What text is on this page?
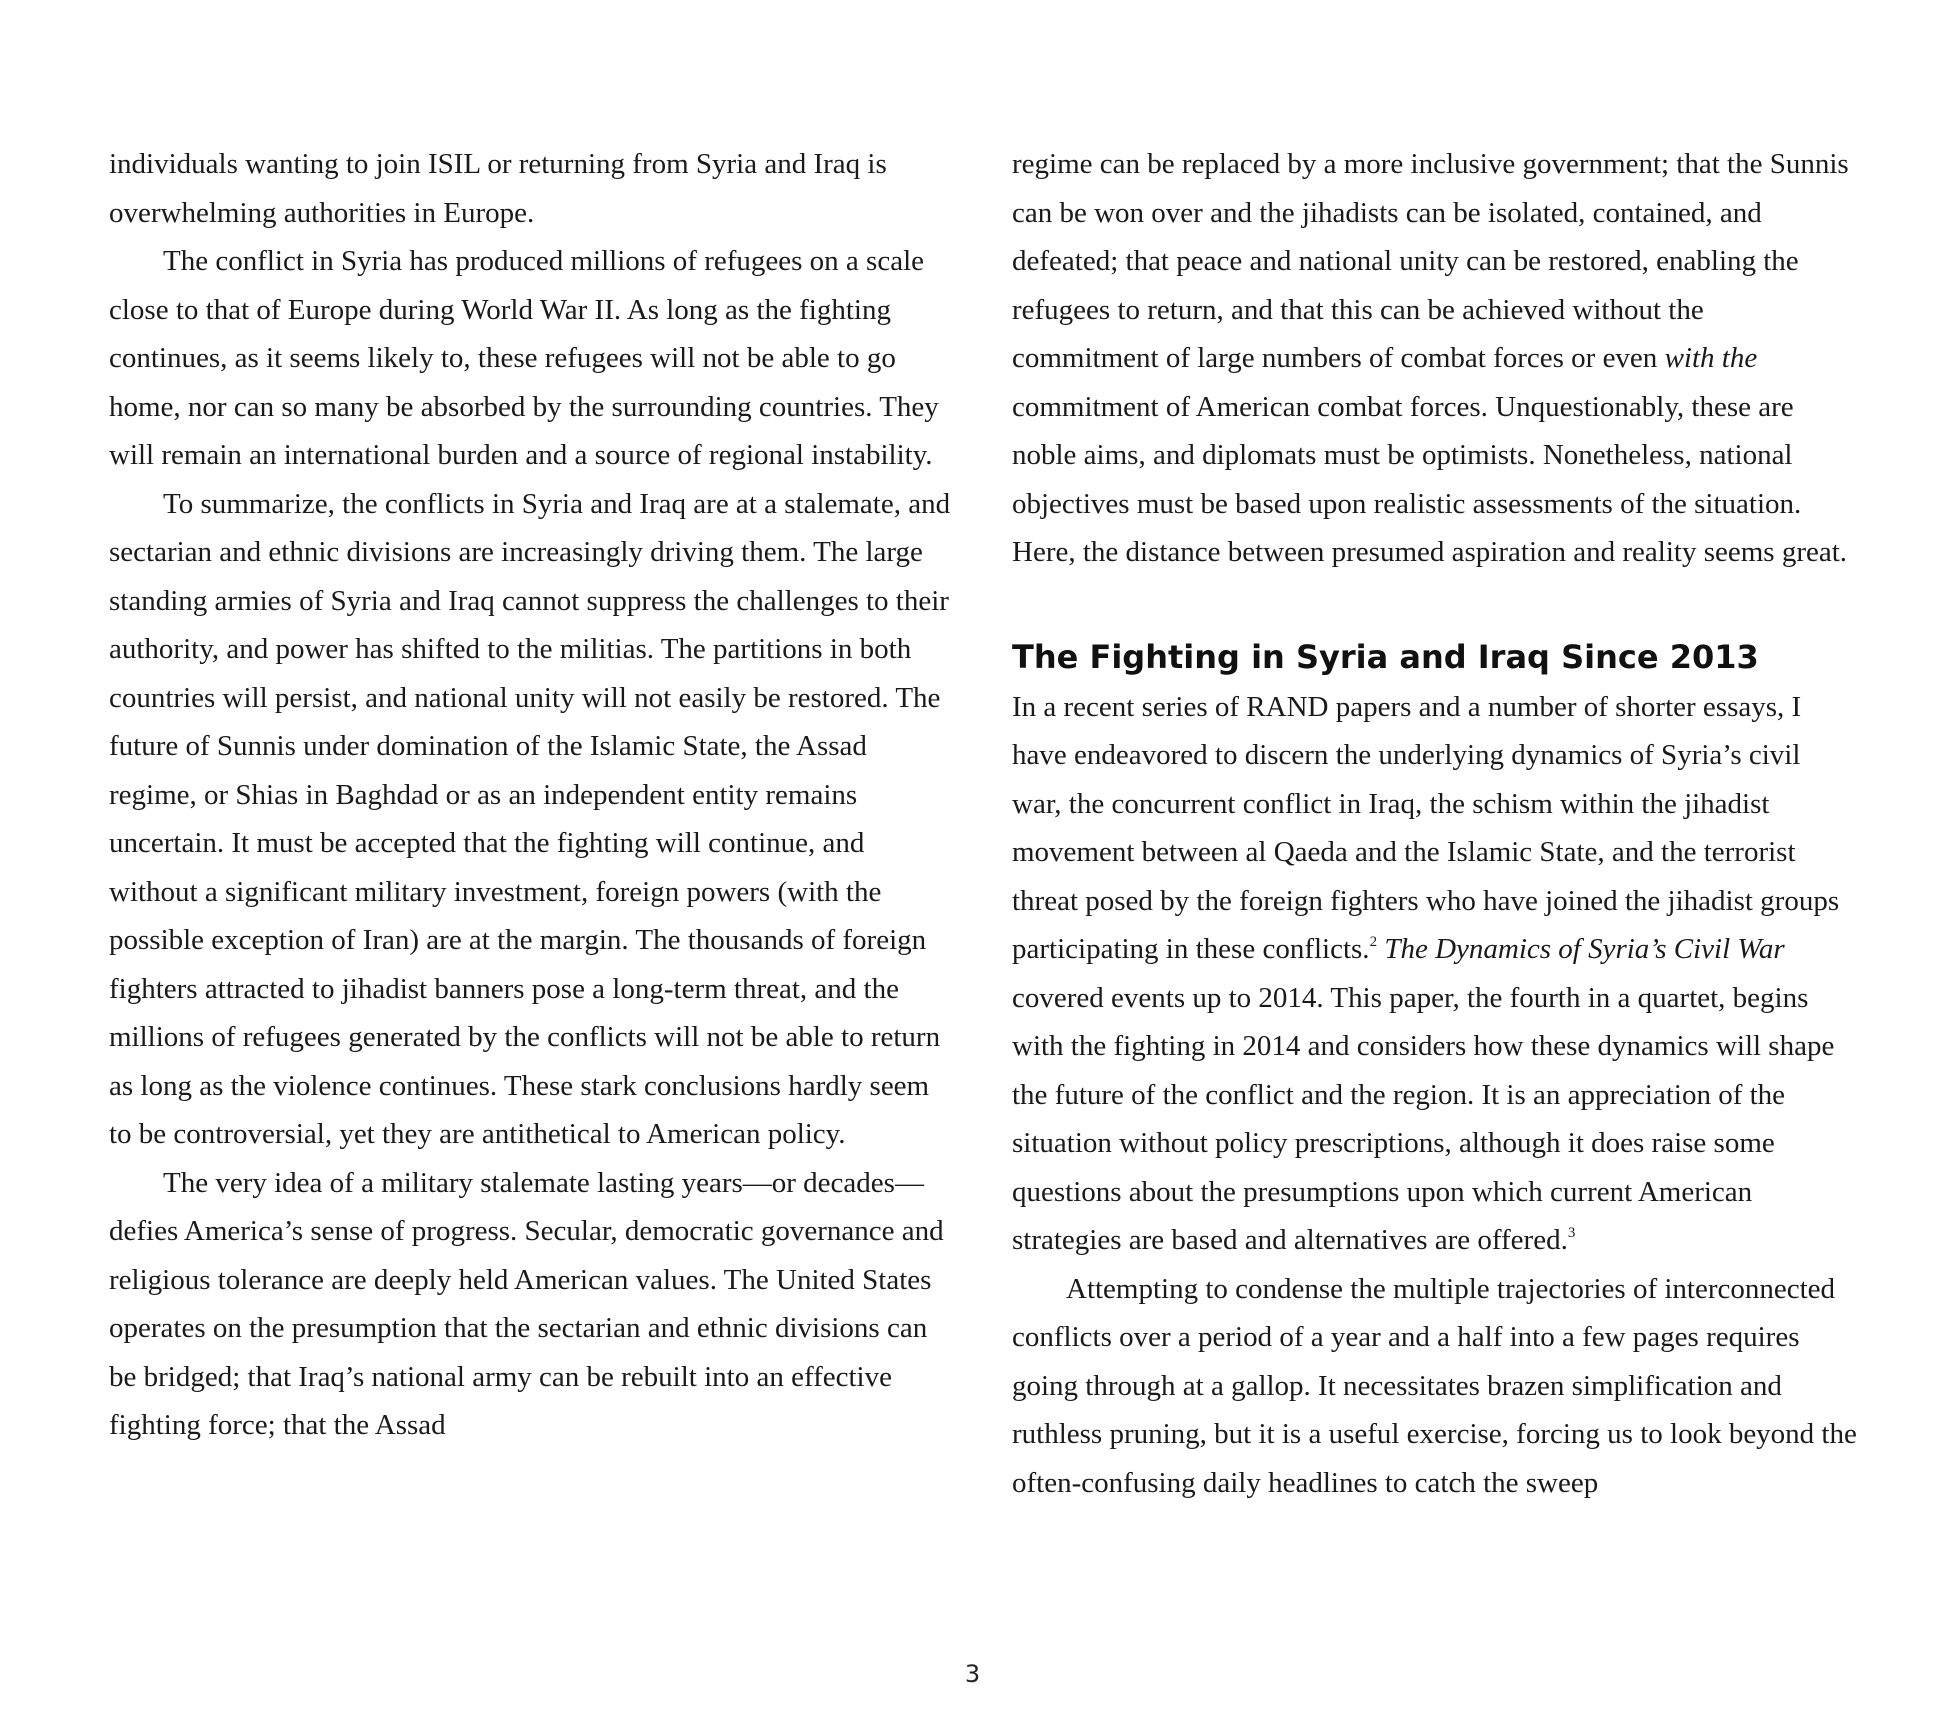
individuals wanting to join ISIL or returning from Syria and Iraq is overwhelming authorities in Europe.

The conflict in Syria has produced millions of refugees on a scale close to that of Europe during World War II. As long as the fighting continues, as it seems likely to, these refugees will not be able to go home, nor can so many be absorbed by the surrounding countries. They will remain an international burden and a source of regional instability.

To summarize, the conflicts in Syria and Iraq are at a stalemate, and sectarian and ethnic divisions are increasingly driving them. The large standing armies of Syria and Iraq cannot suppress the challenges to their authority, and power has shifted to the militias. The partitions in both countries will persist, and national unity will not easily be restored. The future of Sunnis under domination of the Islamic State, the Assad regime, or Shias in Baghdad or as an independent entity remains uncertain. It must be accepted that the fighting will continue, and without a significant military investment, foreign powers (with the possible exception of Iran) are at the margin. The thousands of foreign fighters attracted to jihadist banners pose a long-term threat, and the millions of refugees generated by the conflicts will not be able to return as long as the violence continues. These stark conclusions hardly seem to be controversial, yet they are antithetical to American policy.

The very idea of a military stalemate lasting years—or decades—defies America’s sense of progress. Secular, democratic governance and religious tolerance are deeply held American values. The United States operates on the presumption that the sectarian and ethnic divisions can be bridged; that Iraq’s national army can be rebuilt into an effective fighting force; that the Assad

regime can be replaced by a more inclusive government; that the Sunnis can be won over and the jihadists can be isolated, contained, and defeated; that peace and national unity can be restored, enabling the refugees to return, and that this can be achieved without the commitment of large numbers of combat forces or even with the commitment of American combat forces. Unquestionably, these are noble aims, and diplomats must be optimists. Nonetheless, national objectives must be based upon realistic assessments of the situation. Here, the distance between presumed aspiration and reality seems great.

The Fighting in Syria and Iraq Since 2013

In a recent series of RAND papers and a number of shorter essays, I have endeavored to discern the underlying dynamics of Syria’s civil war, the concurrent conflict in Iraq, the schism within the jihadist movement between al Qaeda and the Islamic State, and the terrorist threat posed by the foreign fighters who have joined the jihadist groups participating in these conflicts.$^2$ The Dynamics of Syria’s Civil War covered events up to 2014. This paper, the fourth in a quartet, begins with the fighting in 2014 and considers how these dynamics will shape the future of the conflict and the region. It is an appreciation of the situation without policy prescriptions, although it does raise some questions about the presumptions upon which current American strategies are based and alternatives are offered.$^3$

Attempting to condense the multiple trajectories of interconnected conflicts over a period of a year and a half into a few pages requires going through at a gallop. It necessitates brazen simplification and ruthless pruning, but it is a useful exercise, forcing us to look beyond the often-confusing daily headlines to catch the sweep

3
